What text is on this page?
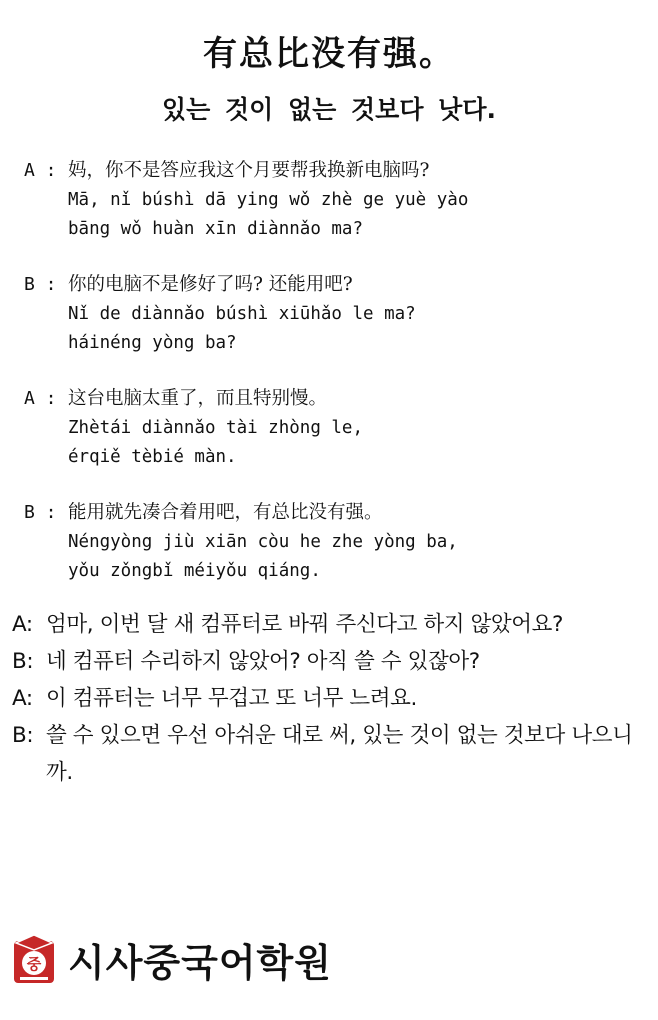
有总比没有强。
있는 것이 없는 것보다 낫다.
A : 妈，你不是答应我这个月要帮我换新电脑吗?
Mā, nǐ búshì dā ying wǒ zhè ge yuè yào
bāng wǒ huàn xīn diànnǎo ma?
B : 你的电脑不是修好了吗? 还能用吧?
Nǐ de diànnǎo búshì xiūhǎo le ma?
háinéng yòng ba?
A : 这台电脑太重了，而且特别慢。
Zhètái diànnǎo tài zhòng le,
érqiě tèbié màn.
B : 能用就先凑合着用吧，有总比没有强。
Néngyòng jiù xiān còu he zhe yòng ba,
yǒu zǒngbǐ méiyǒu qiáng.
A: 엄마, 이번 달 새 컴퓨터로 바꿔 주신다고 하지 않았어요?
B: 네 컴퓨터 수리하지 않았어? 아직 쓸 수 있잖아?
A: 이 컴퓨터는 너무 무겁고 또 너무 느려요.
B: 쓸 수 있으면 우선 아쉬운 대로 써, 있는 것이 없는 것보다 나으니까.
중 시사중국어학원
